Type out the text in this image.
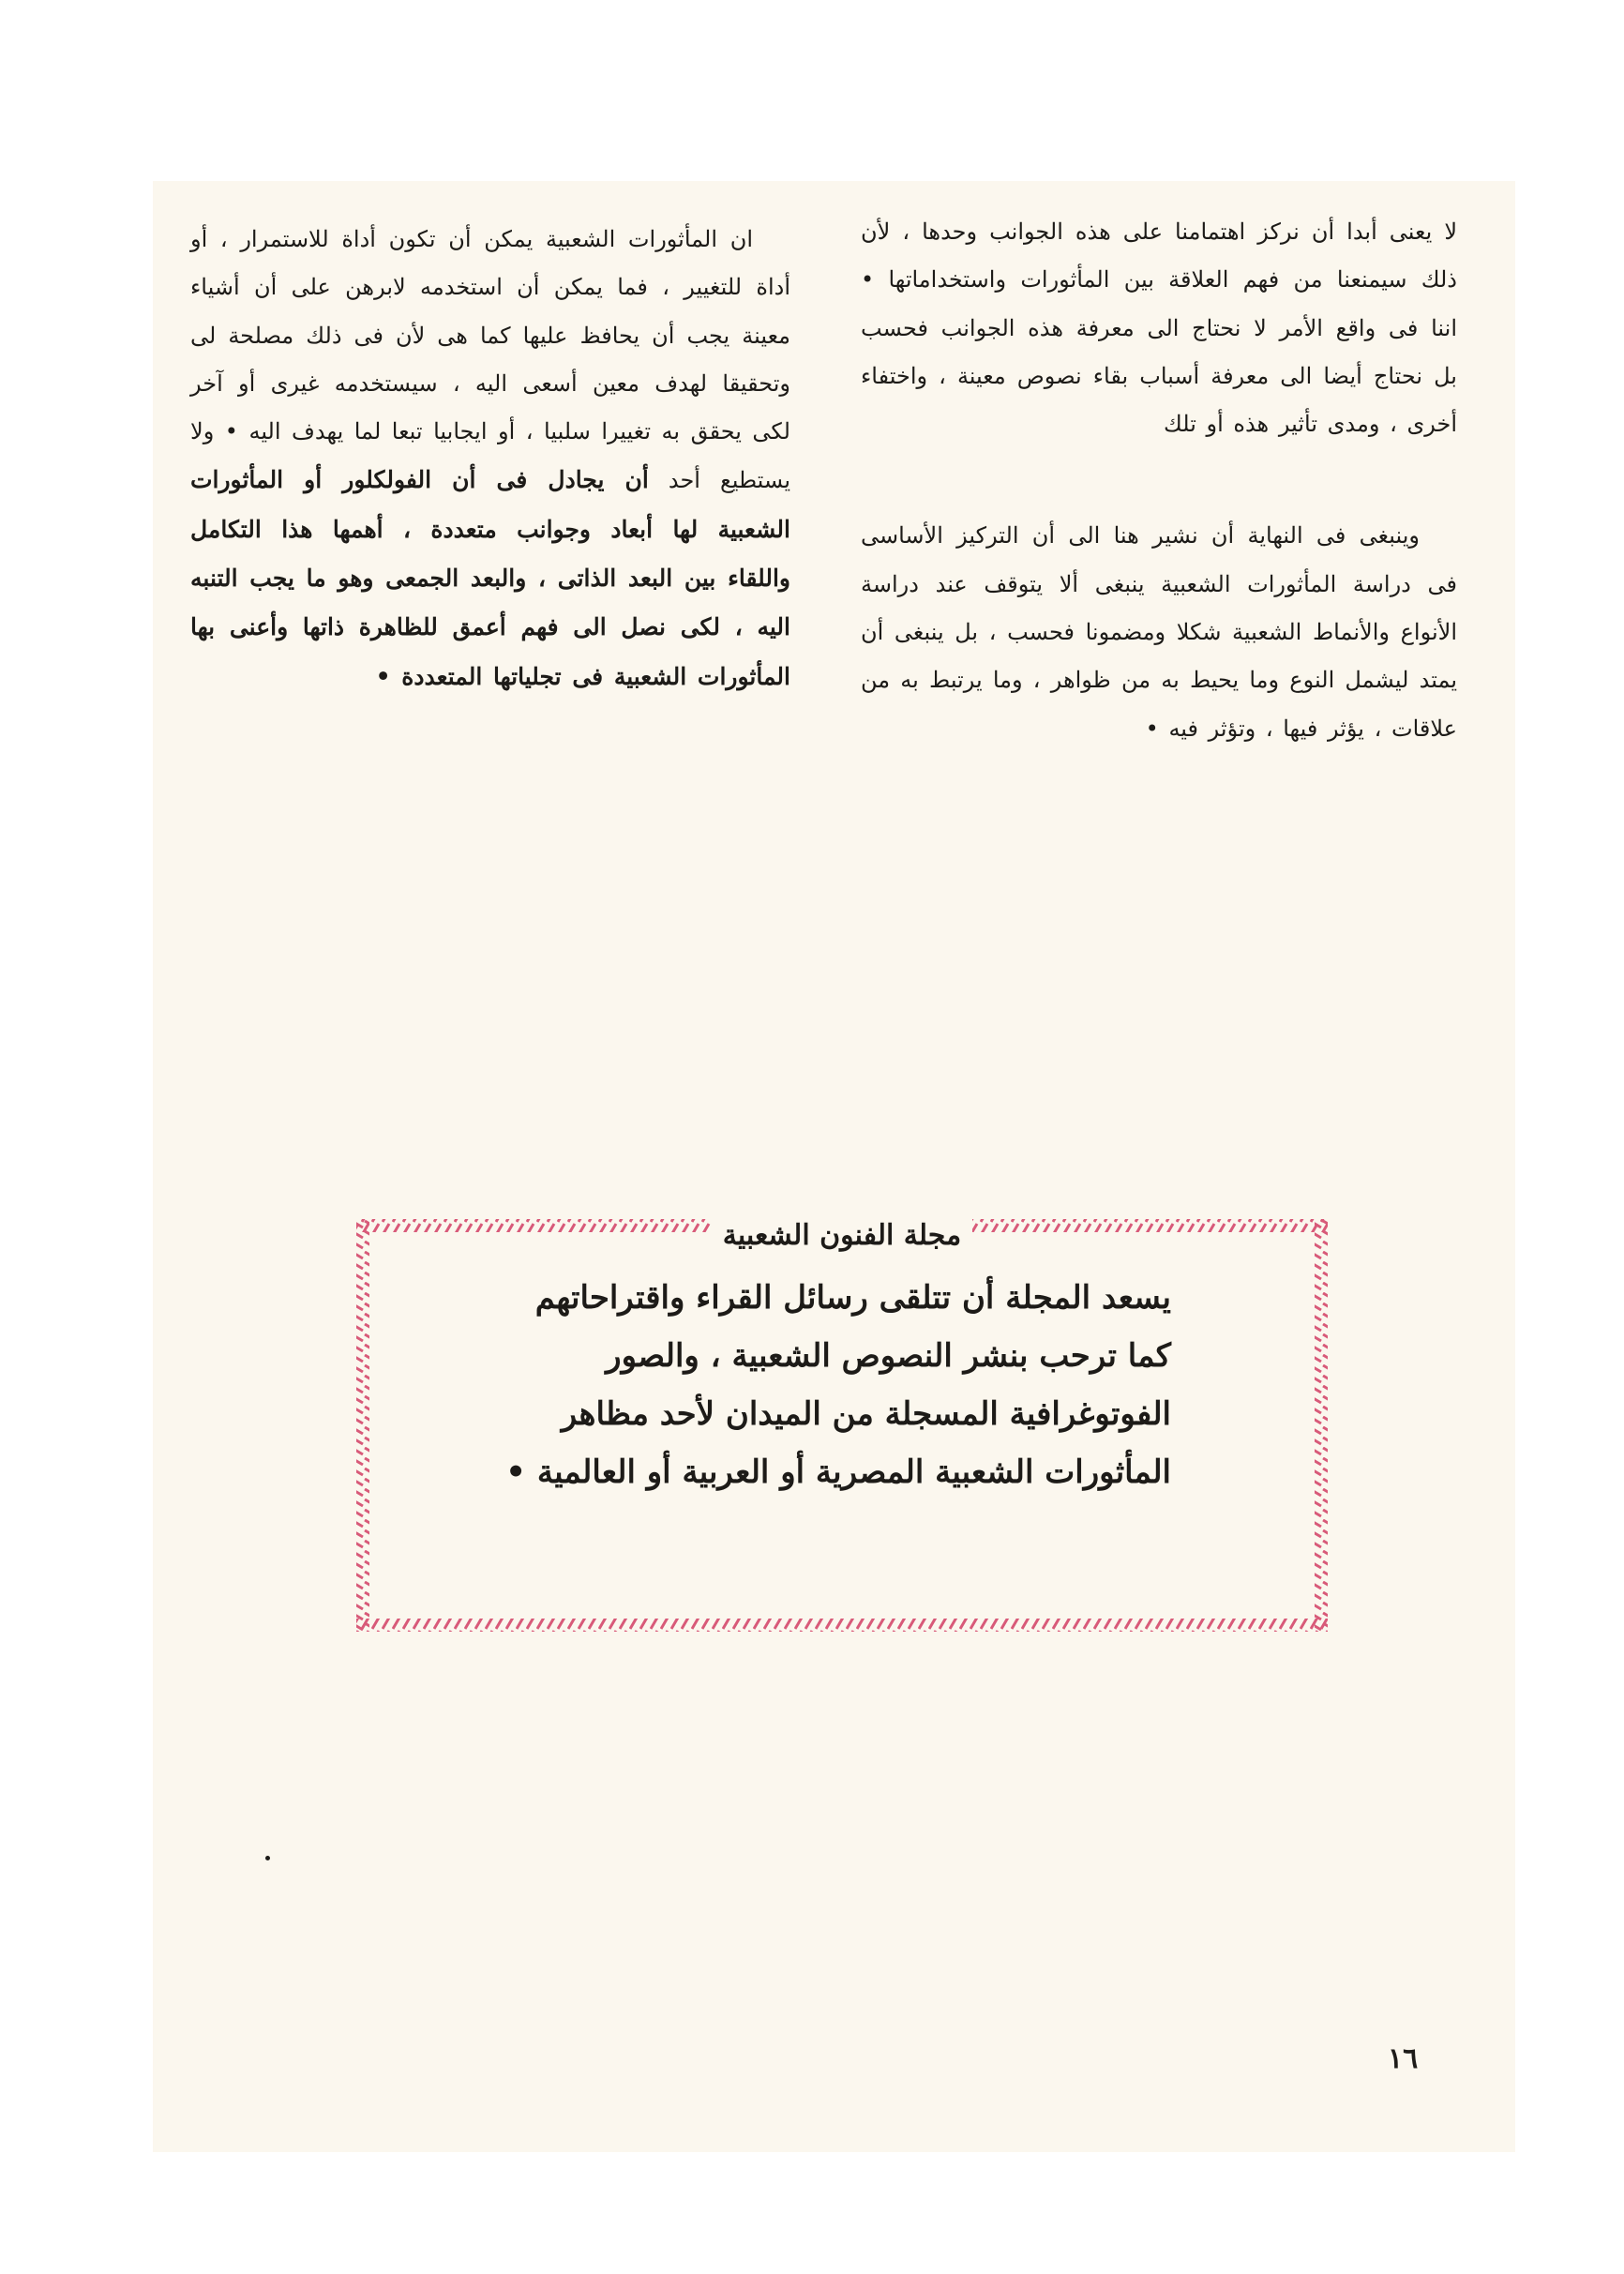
لا يعنى أبدا أن نركز اهتمامنا على هذه الجوانب وحدها ، لأن ذلك سيمنعنا من فهم العلاقة بين المأثورات واستخداماتها • اننا فى واقع الأمر لا نحتاج الى معرفة هذه الجوانب فحسب بل نحتاج أيضا الى معرفة أسباب بقاء نصوص معينة ، واختفاء أخرى ، ومدى تأثير هذه أو تلك

وينبغى فى النهاية أن نشير هنا الى أن التركيز الأساسى فى دراسة المأثورات الشعبية ينبغى ألا يتوقف عند دراسة الأنواع والأنماط الشعبية شكلا ومضمونا فحسب ، بل ينبغى أن يمتد ليشمل النوع وما يحيط به من ظواهر ، وما يرتبط به من علاقات ، يؤثر فيها ، وتؤثر فيه •

ان المأثورات الشعبية يمكن أن تكون أداة للاستمرار ، أو أداة للتغيير ، فما يمكن أن استخدمه لابرهن على أن أشياء معينة يجب أن يحافظ عليها كما هى لأن فى ذلك مصلحة لى وتحقيقا لهدف معين أسعى اليه ، سيستخدمه غيرى أو آخر لكى يحقق به تغييرا سلبيا ، أو ايجابيا تبعا لما يهدف اليه • ولا يستطيع أحد أن يجادل فى أن الفولكلور أو المأثورات الشعبية لها أبعاد وجوانب متعددة ، أهمها هذا التكامل واللقاء بين البعد الذاتى ، والبعد الجمعى وهو ما يجب التنبه اليه ، لكى نصل الى فهم أعمق للظاهرة ذاتها وأعنى بها المأثورات الشعبية فى تجلياتها المتعددة •

مجلة الفنون الشعبية

يسعد المجلة أن تتلقى رسائل القراء واقتراحاتهم

كما ترحب بنشر النصوص الشعبية ، والصور

الفوتوغرافية المسجلة من الميدان لأحد مظاهر

المأثورات الشعبية المصرية أو العربية أو العالمية •

١٦
